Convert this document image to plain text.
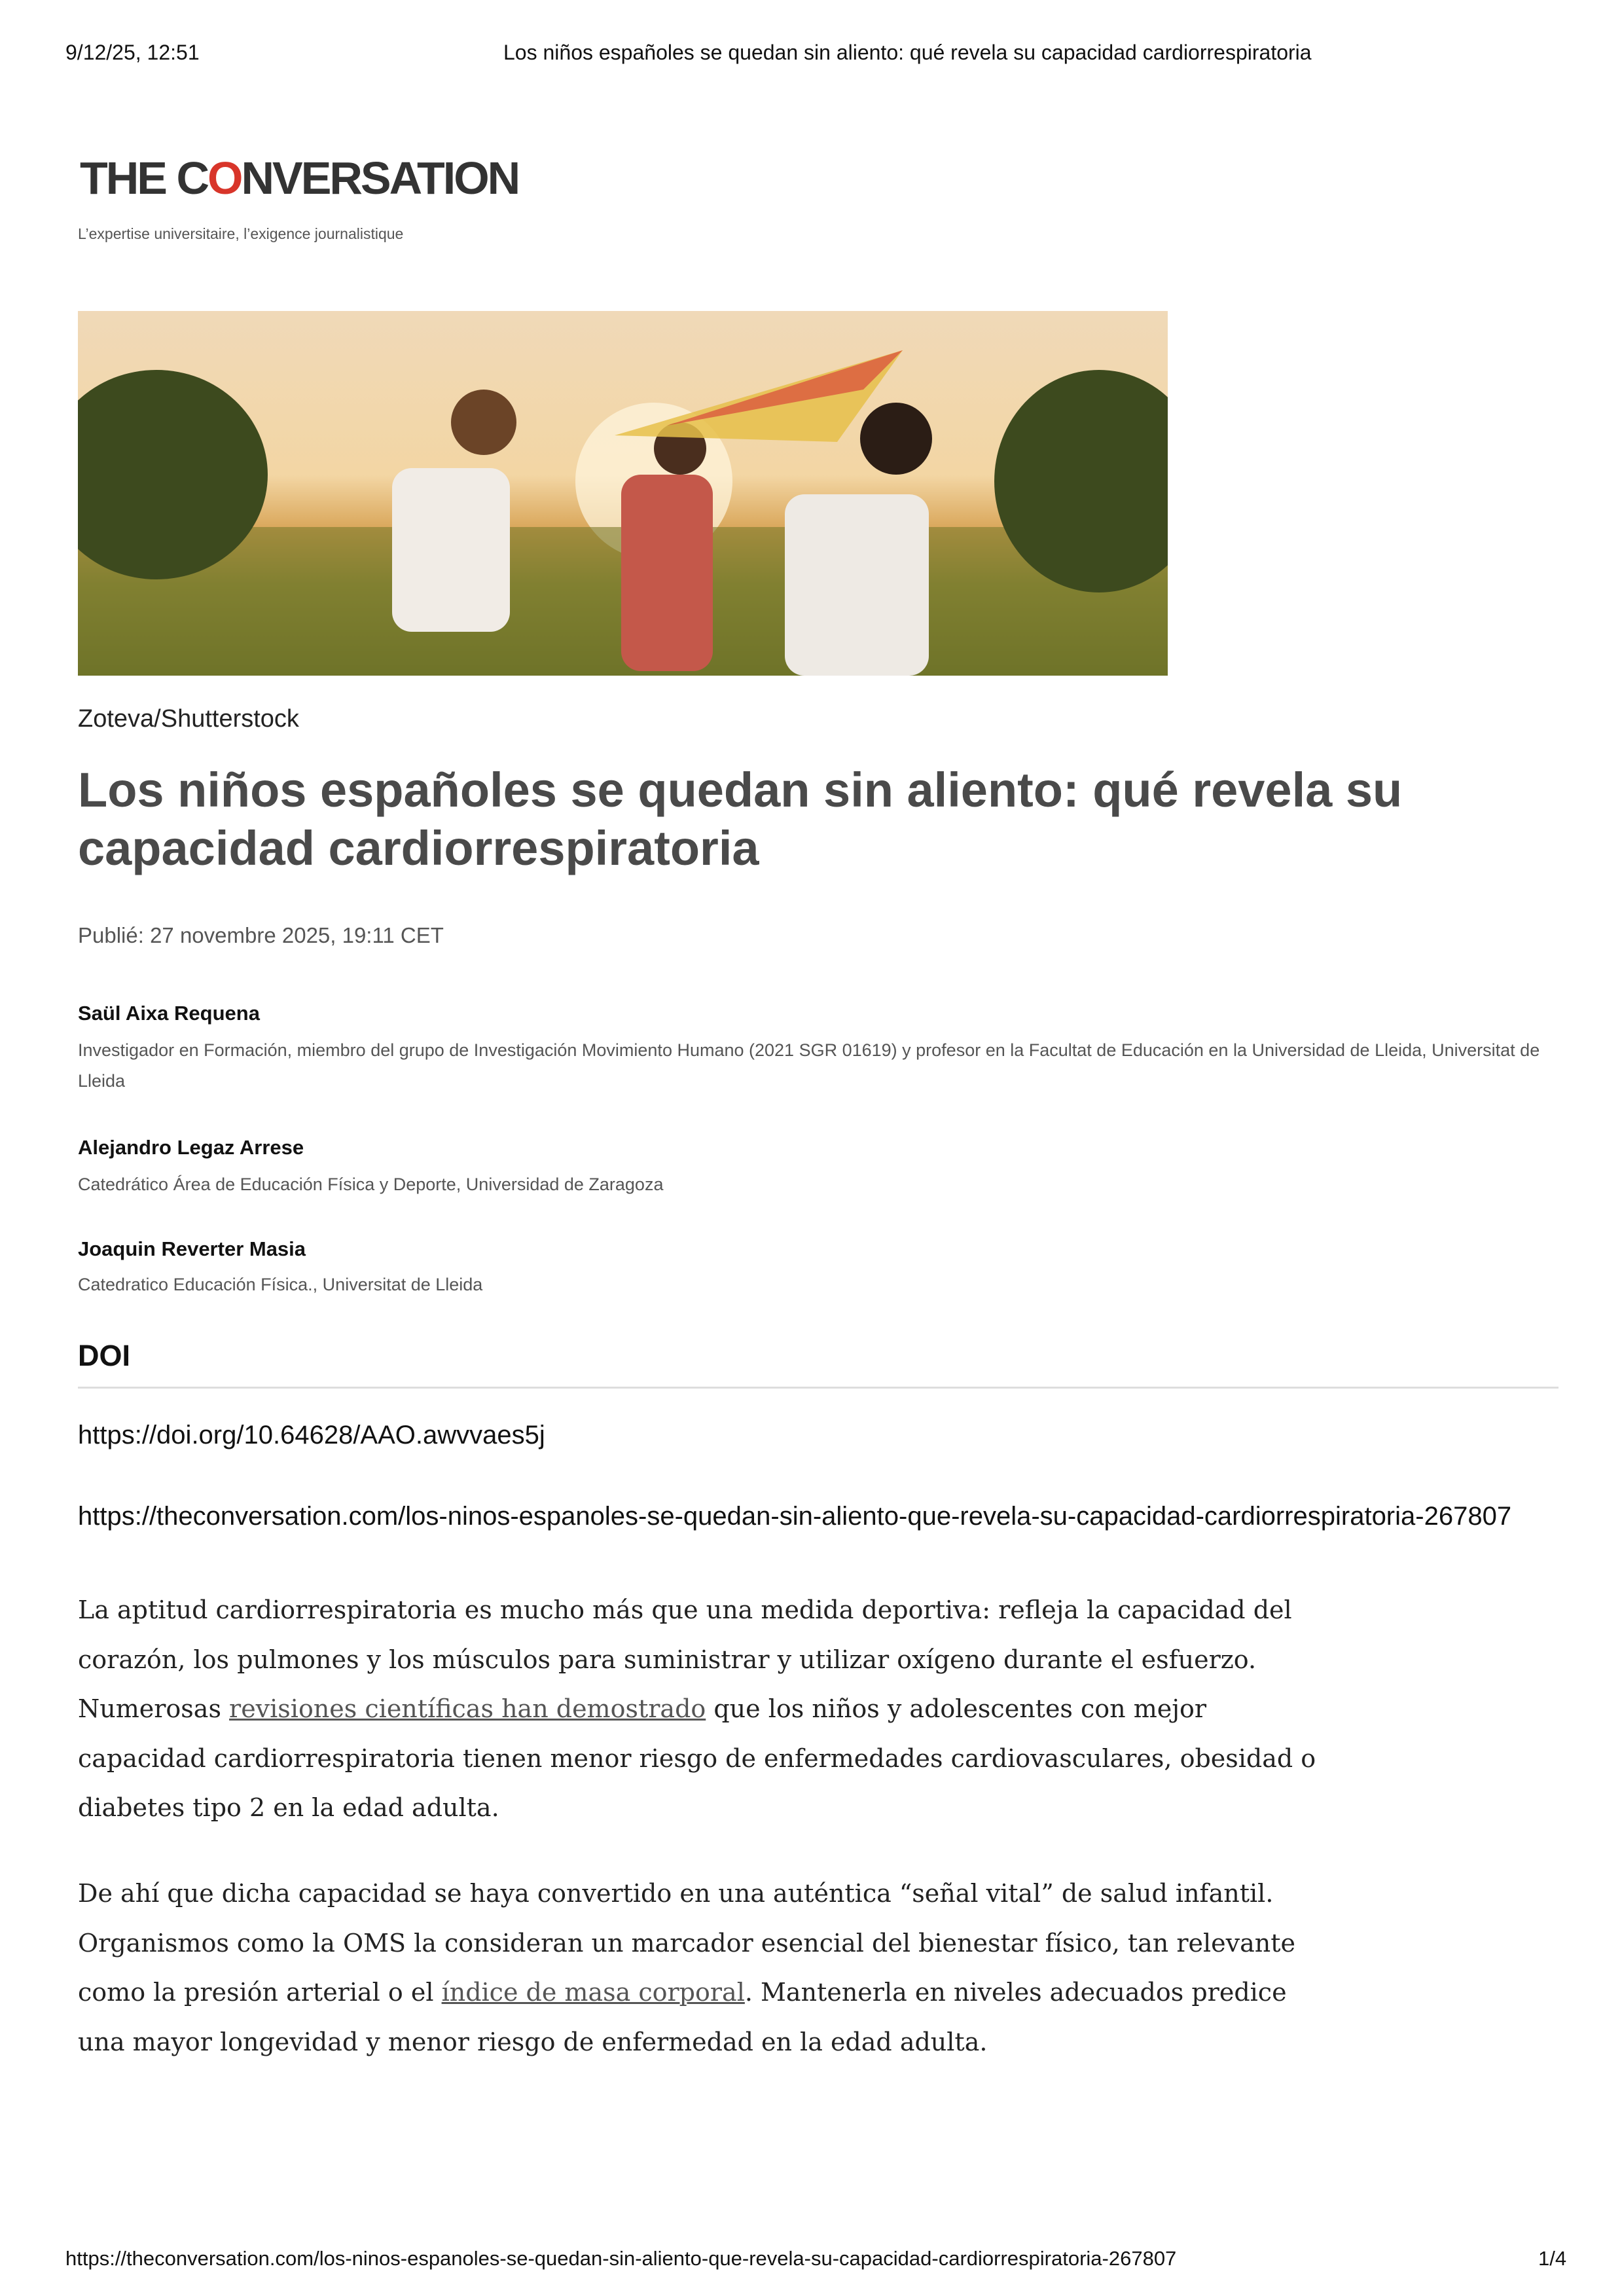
9/12/25, 12:51	Los niños españoles se quedan sin aliento: qué revela su capacidad cardiorrespiratoria
THE CONVERSATION
L’expertise universitaire, l’exigence journalistique
Zoteva/Shutterstock
Los niños españoles se quedan sin aliento: qué revela su capacidad cardiorrespiratoria
Publié: 27 novembre 2025, 19:11 CET
Saül Aixa Requena
Investigador en Formación, miembro del grupo de Investigación Movimiento Humano (2021 SGR 01619) y profesor en la Facultat de Educación en la Universidad de Lleida, Universitat de Lleida
Alejandro Legaz Arrese
Catedrático Área de Educación Física y Deporte, Universidad de Zaragoza
Joaquin Reverter Masia
Catedratico Educación Física., Universitat de Lleida
DOI
https://doi.org/10.64628/AAO.awvvaes5j
https://theconversation.com/los-ninos-espanoles-se-quedan-sin-aliento-que-revela-su-capacidad-cardiorrespiratoria-267807

La aptitud cardiorrespiratoria es mucho más que una medida deportiva: refleja la capacidad del corazón, los pulmones y los músculos para suministrar y utilizar oxígeno durante el esfuerzo. Numerosas revisiones científicas han demostrado que los niños y adolescentes con mejor capacidad cardiorrespiratoria tienen menor riesgo de enfermedades cardiovasculares, obesidad o diabetes tipo 2 en la edad adulta.

De ahí que dicha capacidad se haya convertido en una auténtica “señal vital” de salud infantil. Organismos como la OMS la consideran un marcador esencial del bienestar físico, tan relevante como la presión arterial o el índice de masa corporal. Mantenerla en niveles adecuados predice una mayor longevidad y menor riesgo de enfermedad en la edad adulta.

https://theconversation.com/los-ninos-espanoles-se-quedan-sin-aliento-que-revela-su-capacidad-cardiorrespiratoria-267807	1/4
